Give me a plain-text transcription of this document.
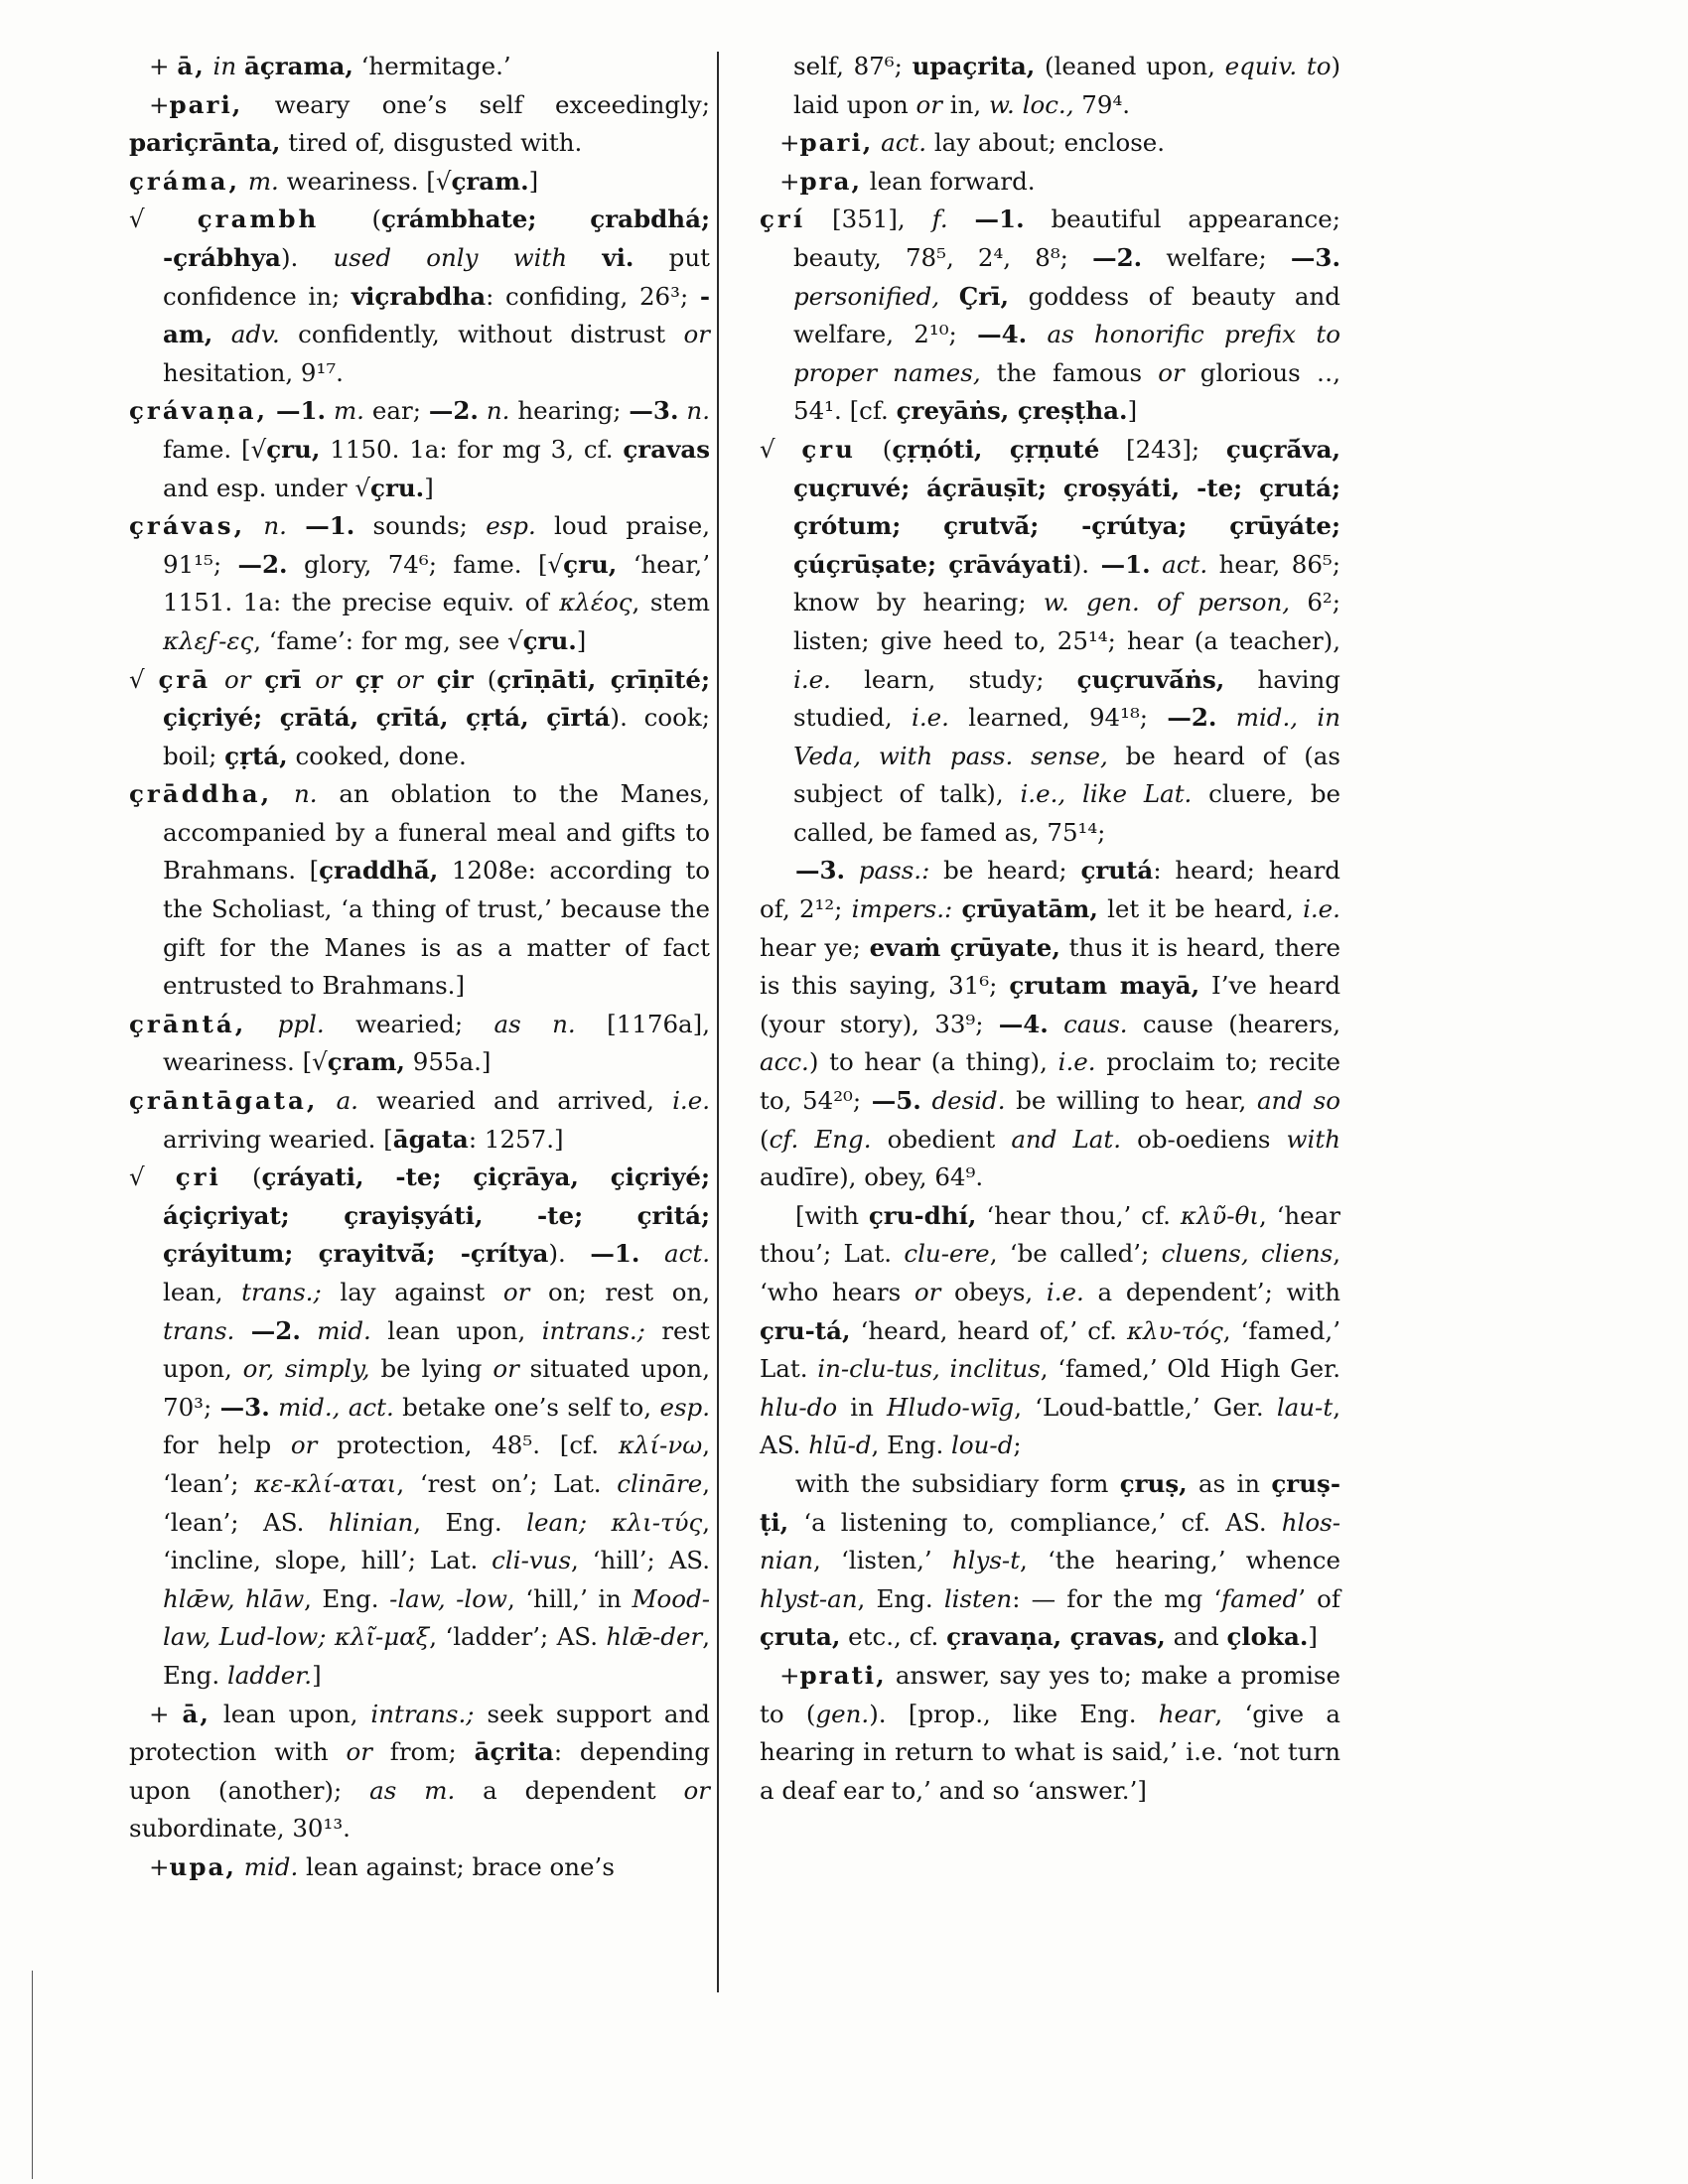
+ ā, in āçrama, ‘hermitage.’

+pari, weary one’s self exceedingly; pariçrānta, tired of, disgusted with.

çráma, m. weariness. [√çram.]

√ çrambh (çrámbhate; çrabdhá; -çrábhya). used only with vi. put confidence in; viçrabdha: confiding, 26³; -am, adv. confidently, without distrust or hesitation, 9¹⁷.

çrávaṇa, —1. m. ear; —2. n. hearing; —3. n. fame. [√çru, 1150. 1a: for mg 3, cf. çravas and esp. under √çru.]

çrávas, n. —1. sounds; esp. loud praise, 91¹⁵; —2. glory, 74⁶; fame. [√çru, ‘hear,’ 1151. 1a: the precise equiv. of κλέος, stem κλεϝ-ες, ‘fame’: for mg, see √çru.]

√ çrā or çrī or çṛ or çir (çrīṇāti, çrīṇīté; çiçriyé; çrātá, çrītá, çṛtá, çīrtá). cook; boil; çṛtá, cooked, done.

çrāddha, n. an oblation to the Manes, accompanied by a funeral meal and gifts to Brahmans. [çraddhā́, 1208e: according to the Scholiast, ‘a thing of trust,’ because the gift for the Manes is as a matter of fact entrusted to Brahmans.]

çrāntá, ppl. wearied; as n. [1176a], weariness. [√çram, 955a.]

çrāntāgata, a. wearied and arrived, i.e. arriving wearied. [āgata: 1257.]

√ çri (çráyati, -te; çiçrāya, çiçriyé; áçiçriyat; çrayiṣyáti, -te; çritá; çráyitum; çrayitvā́; -çrítya). —1. act. lean, trans.; lay against or on; rest on, trans. —2. mid. lean upon, intrans.; rest upon, or, simply, be lying or situated upon, 70³; —3. mid., act. betake one’s self to, esp. for help or protection, 48⁵. [cf. κλί-νω, ‘lean’; κε-κλί-αται, ‘rest on’; Lat. clināre, ‘lean’; AS. hlinian, Eng. lean; κλι-τύς, ‘incline, slope, hill’; Lat. cli-vus, ‘hill’; AS. hlǣw, hlāw, Eng. -law, -low, ‘hill,’ in Mood-law, Lud-low; κλῖ-μαξ, ‘ladder’; AS. hlǣ-der, Eng. ladder.]

+ ā, lean upon, intrans.; seek support and protection with or from; āçrita: depending upon (another); as m. a dependent or subordinate, 30¹³.

+upa, mid. lean against; brace one’s

self, 87⁶; upaçrita, (leaned upon, equiv. to) laid upon or in, w. loc., 79⁴.

+pari, act. lay about; enclose.

+pra, lean forward.

çrí [351], f. —1. beautiful appearance; beauty, 78⁵, 2⁴, 8⁸; —2. welfare; —3. personified, Çrī, goddess of beauty and welfare, 2¹⁰; —4. as honorific prefix to proper names, the famous or glorious ‥, 54¹. [cf. çreyāṅs, çreṣṭha.]

√ çru (çṛṇóti, çṛṇuté [243]; çuçrā́va, çuçruvé; áçrāuṣīt; çroṣyáti, -te; çrutá; çrótum; çrutvā́; -çrútya; çrūyáte; çúçrūṣate; çrāváyati). —1. act. hear, 86⁵; know by hearing; w. gen. of person, 6²; listen; give heed to, 25¹⁴; hear (a teacher), i.e. learn, study; çuçruvā́ṅs, having studied, i.e. learned, 94¹⁸; —2. mid., in Veda, with pass. sense, be heard of (as subject of talk), i.e., like Lat. cluere, be called, be famed as, 75¹⁴;

—3. pass.: be heard; çrutá: heard; heard of, 2¹²; impers.: çrūyatām, let it be heard, i.e. hear ye; evaṁ çrūyate, thus it is heard, there is this saying, 31⁶; çrutam mayā, I’ve heard (your story), 33⁹; —4. caus. cause (hearers, acc.) to hear (a thing), i.e. proclaim to; recite to, 54²⁰; —5. desid. be willing to hear, and so (cf. Eng. obedient and Lat. ob-oediens with audīre), obey, 64⁹.

[with çru-dhí, ‘hear thou,’ cf. κλῦ-θι, ‘hear thou’; Lat. clu-ere, ‘be called’; cluens, cliens, ‘who hears or obeys, i.e. a dependent’; with çru-tá, ‘heard, heard of,’ cf. κλυ-τός, ‘famed,’ Lat. in-clu-tus, inclitus, ‘famed,’ Old High Ger. hlu-do in Hludo-wīg, ‘Loud-battle,’ Ger. lau-t, AS. hlū-d, Eng. lou-d;

with the subsidiary form çruṣ, as in çruṣ-ṭi, ‘a listening to, compliance,’ cf. AS. hlos-nian, ‘listen,’ hlys-t, ‘the hearing,’ whence hlyst-an, Eng. listen: — for the mg ‘famed’ of çruta, etc., cf. çravaṇa, çravas, and çloka.]

+prati, answer, say yes to; make a promise to (gen.). [prop., like Eng. hear, ‘give a hearing in return to what is said,’ i.e. ‘not turn a deaf ear to,’ and so ‘answer.’]
